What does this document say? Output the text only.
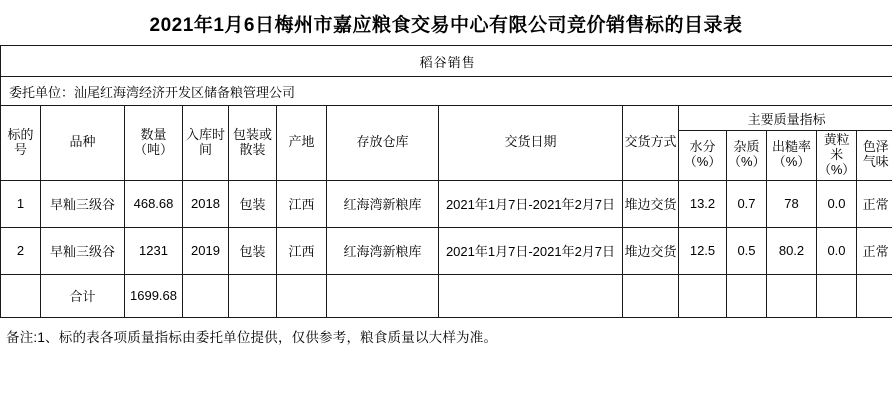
2021年1月6日梅州市嘉应粮食交易中心有限公司竞价销售标的目录表
稻谷销售													
委托单位：汕尾红海湾经济开发区储备粮管理公司													
标的号	品种	数量（吨）	入库时间	包装或散装	产地	存放仓库	交货日期	交货方式	主要质量指标				
									水分（%）	杂质（%）	出糙率（%）	黄粒米（%）	色泽气味
1	早籼三级谷	468.68	2018	包装	江西	红海湾新粮库	2021年1月7日-2021年2月7日	堆边交货	13.2	0.7	78	0.0	正常
2	早籼三级谷	1231	2019	包装	江西	红海湾新粮库	2021年1月7日-2021年2月7日	堆边交货	12.5	0.5	80.2	0.0	正常
	合计	1699.68											
备注:1、标的表各项质量指标由委托单位提供，仅供参考，粮食质量以大样为准。
